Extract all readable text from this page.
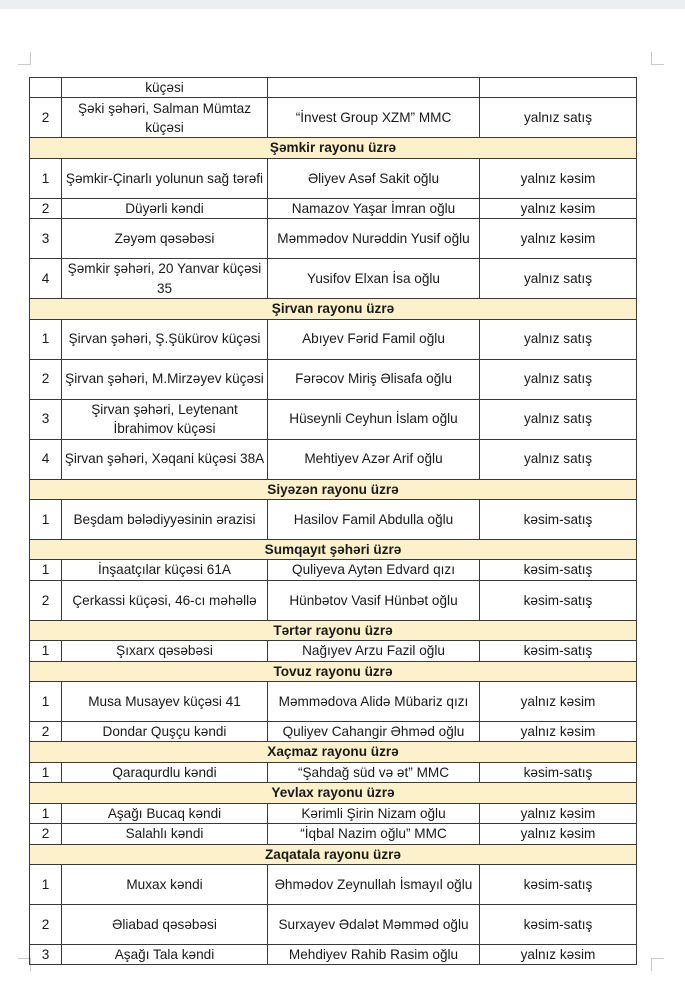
	küçəsi		
2	Şəki şəhəri, Salman Mümtaz küçəsi	“İnvest Group XZM” MMC	yalnız satış
Şəmkir rayonu üzrə			
1	Şəmkir-Çinarlı yolunun sağ tərəfi	Əliyev Asəf Sakit oğlu	yalnız kəsim
2	Düyərli kəndi	Namazov Yaşar İmran oğlu	yalnız kəsim
3	Zəyəm qəsəbəsi	Məmmədov Nurəddin Yusif oğlu	yalnız kəsim
4	Şəmkir şəhəri, 20 Yanvar küçəsi 35	Yusifov Elxan İsa oğlu	yalnız satış
Şirvan rayonu üzrə			
1	Şirvan şəhəri, Ş.Şükürov küçəsi	Abıyev Fərid Famil oğlu	yalnız satış
2	Şirvan şəhəri, M.Mirzəyev küçəsi	Fərəcov Miriş Əlisafa oğlu	yalnız satış
3	Şirvan şəhəri, Leytenant İbrahimov küçəsi	Hüseynli Ceyhun İslam oğlu	yalnız satış
4	Şirvan şəhəri, Xəqani küçəsi 38A	Mehtiyev Azər Arif oğlu	yalnız satış
Siyəzən rayonu üzrə			
1	Beşdam bələdiyyəsinin ərazisi	Hasilov Famil Abdulla oğlu	kəsim-satış
Sumqayıt şəhəri üzrə			
1	İnşaatçılar küçəsi 61A	Quliyeva Aytən Edvard qızı	kəsim-satış
2	Çerkassi küçəsi, 46-cı məhəllə	Hünbətov Vasif Hünbət oğlu	kəsim-satış
Tərtər rayonu üzrə			
1	Şıxarx qəsəbəsi	Nağıyev Arzu Fazil oğlu	kəsim-satış
Tovuz rayonu üzrə			
1	Musa Musayev küçəsi 41	Məmmədova Alidə Mübariz qızı	yalnız kəsim
2	Dondar Quşçu kəndi	Quliyev Cahangir Əhməd oğlu	yalnız kəsim
Xaçmaz rayonu üzrə			
1	Qaraqurdlu kəndi	“Şahdağ süd və ət” MMC	kəsim-satış
Yevlax rayonu üzrə			
1	Aşağı Bucaq kəndi	Kərimli Şirin Nizam oğlu	yalnız kəsim
2	Salahlı kəndi	“İqbal Nazim oğlu” MMC	yalnız kəsim
Zaqatala rayonu üzrə			
1	Muxax kəndi	Əhmədov Zeynullah İsmayıl oğlu	kəsim-satış
2	Əliabad qəsəbəsi	Surxayev Ədalət Məmməd oğlu	kəsim-satış
3	Aşağı Tala kəndi	Mehdiyev Rahib Rasim oğlu	yalnız kəsim
